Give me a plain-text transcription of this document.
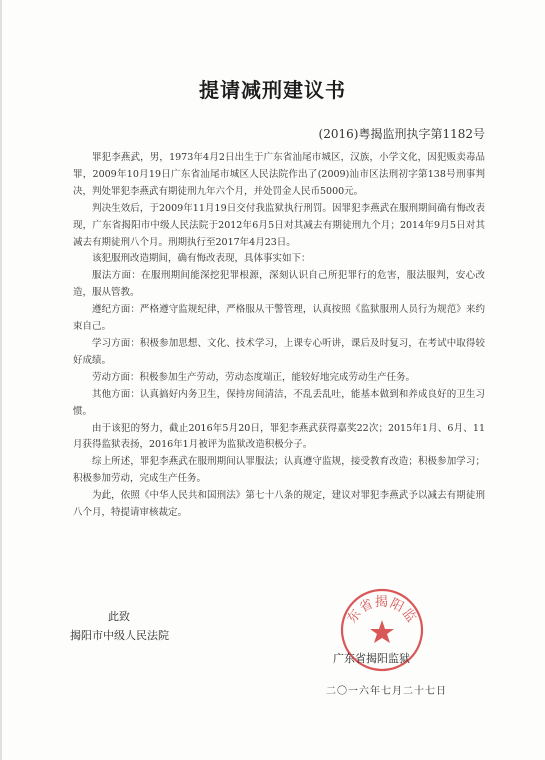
提请减刑建议书
(2016)粤揭监刑执字第1182号

罪犯李燕武，男，1973年4月2日出生于广东省汕尾市城区，汉族，小学文化，因犯贩卖毒品罪，2009年10月19日广东省汕尾市城区人民法院作出了(2009)汕市区法刑初字第138号刑事判决，判处罪犯李燕武有期徒刑九年六个月，并处罚金人民币5000元。

判决生效后，于2009年11月19日交付我监狱执行刑罚。因罪犯李燕武在服刑期间确有悔改表现，广东省揭阳市中级人民法院于2012年6月5日对其减去有期徒刑九个月；2014年9月5日对其减去有期徒刑八个月。刑期执行至2017年4月23日。

该犯服刑改造期间，确有悔改表现，具体事实如下：

服法方面：在服刑期间能深挖犯罪根源，深刻认识自己所犯罪行的危害，服法服判，安心改造，服从管教。

遵纪方面：严格遵守监规纪律，严格服从干警管理，认真按照《监狱服刑人员行为规范》来约束自己。

学习方面：积极参加思想、文化、技术学习，上课专心听讲，课后及时复习，在考试中取得较好成绩。

劳动方面：积极参加生产劳动，劳动态度端正，能较好地完成劳动生产任务。

其他方面：认真搞好内务卫生，保持房间清洁，不乱丢乱吐，能基本做到和养成良好的卫生习惯。

由于该犯的努力，截止2016年5月20日，罪犯李燕武获得嘉奖22次；2015年1月、6月、11月获得监狱表扬，2016年1月被评为监狱改造积极分子。

综上所述，罪犯李燕武在服刑期间认罪服法；认真遵守监规，接受教育改造；积极参加学习；积极参加劳动，完成生产任务。

为此，依照《中华人民共和国刑法》第七十八条的规定，建议对罪犯李燕武予以减去有期徒刑八个月，特提请审核裁定。

此致
揭阳市中级人民法院
东省揭阳监
广东省揭阳监狱
二〇一六年七月二十七日
